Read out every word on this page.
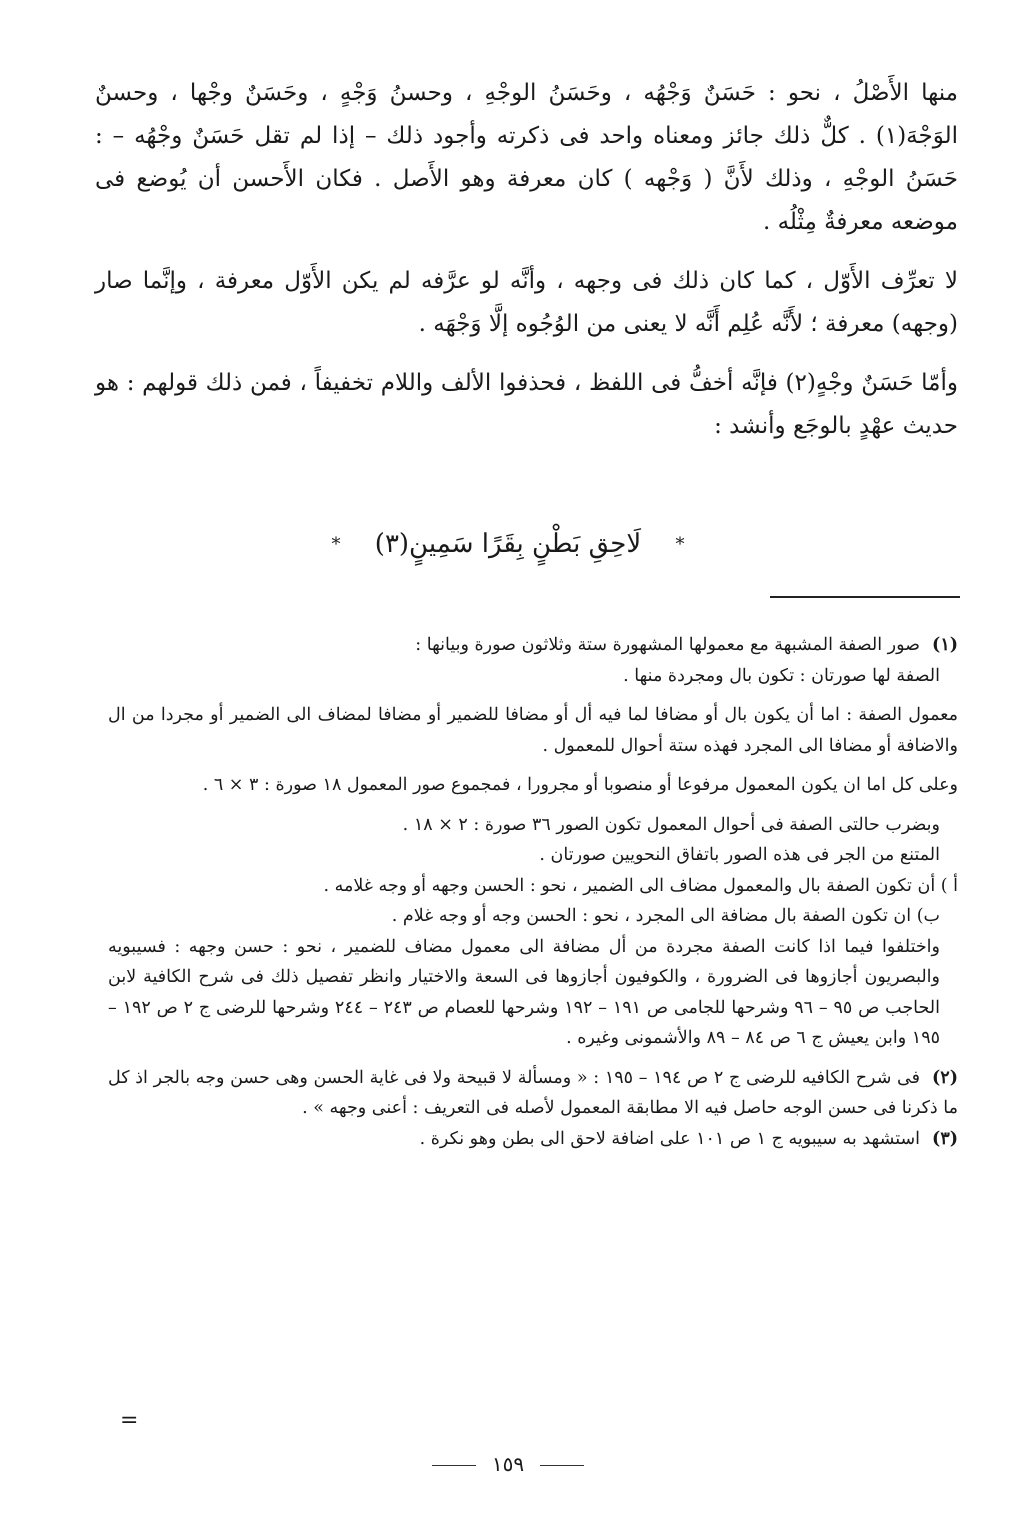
منها الأَصْلُ ، نحو : حَسَنٌ وَجْهُه ، وحَسَنُ الوجْهِ ، وحسنُ وَجْهٍ ، وحَسَنٌ وجْها ، وحسنٌ الوَجْهَ(١) . كلٌّ ذلك جائز ومعناه واحد فى ذكرته وأجود ذلك – إذا لم تقل حَسَنٌ وجْهُه – : حَسَنُ الوجْهِ ، وذلك لأَنَّ ( وَجْهه ) كان معرفة وهو الأَصل . فكان الأَحسن أن يُوضع فى موضعه معرفةٌ مِثْلُه .

لا تعرِّف الأَوّل ، كما كان ذلك فى وجهه ، وأنَّه لو عرَّفه لم يكن الأَوّل معرفة ، وإنَّما صار (وجهه) معرفة ؛ لأَنَّه عُلِم أَنَّه لا يعنى من الوُجُوه إلَّا وَجْهَه .

وأمّا حَسَنٌ وجْهٍ(٢) فإنَّه أخفُّ فى اللفظ ، فحذفوا الألف واللام تخفيفاً ، فمن ذلك قولهم : هو حديث عهْدٍ بالوجَع وأنشد :

* لَاحِقِ بَطْنٍ بِقَرًا سَمِينٍ(٣) *

(١)صور الصفة المشبهة مع معمولها المشهورة ستة وثلاثون صورة وبيانها :

الصفة لها صورتان : تكون بال ومجردة منها .

معمول الصفة : اما أن يكون بال أو مضافا لما فيه أل أو مضافا للضمير أو مضافا لمضاف الى الضمير أو مجردا من ال والاضافة أو مضافا الى المجرد فهذه ستة أحوال للمعمول .

وعلى كل اما ان يكون المعمول مرفوعا أو منصوبا أو مجرورا ، فمجموع صور المعمول ١٨ صورة : ٣ × ٦ .

وبضرب حالتى الصفة فى أحوال المعمول تكون الصور ٣٦ صورة : ٢ × ١٨ .

المتنع من الجر فى هذه الصور باتفاق النحويين صورتان .

أ ) أن تكون الصفة بال والمعمول مضاف الى الضمير ، نحو : الحسن وجهه أو وجه غلامه .

ب) ان تكون الصفة بال مضافة الى المجرد ، نحو : الحسن وجه أو وجه غلام .

واختلفوا فيما اذا كانت الصفة مجردة من أل مضافة الى معمول مضاف للضمير ، نحو : حسن وجهه : فسيبويه والبصريون أجازوها فى الضرورة ، والكوفيون أجازوها فى السعة والاختيار وانظر تفصيل ذلك فى شرح الكافية لابن الحاجب ص ٩٥ – ٩٦ وشرحها للجامى ص ١٩١ – ١٩٢ وشرحها للعصام ص ٢٤٣ – ٢٤٤ وشرحها للرضى ج ٢ ص ١٩٢ – ١٩٥ وابن يعيش ج ٦ ص ٨٤ – ٨٩ والأشمونى وغيره .

(٢)فى شرح الكافيه للرضى ج ٢ ص ١٩٤ – ١٩٥ : « ومسألة لا قبيحة ولا فى غاية الحسن وهى حسن وجه بالجر اذ كل ما ذكرنا فى حسن الوجه حاصل فيه الا مطابقة المعمول لأصله فى التعريف : أعنى وجهه » .

(٣)استشهد به سيبويه ج ١ ص ١٠١ على اضافة لاحق الى بطن وهو نكرة .

=
١٥٩
